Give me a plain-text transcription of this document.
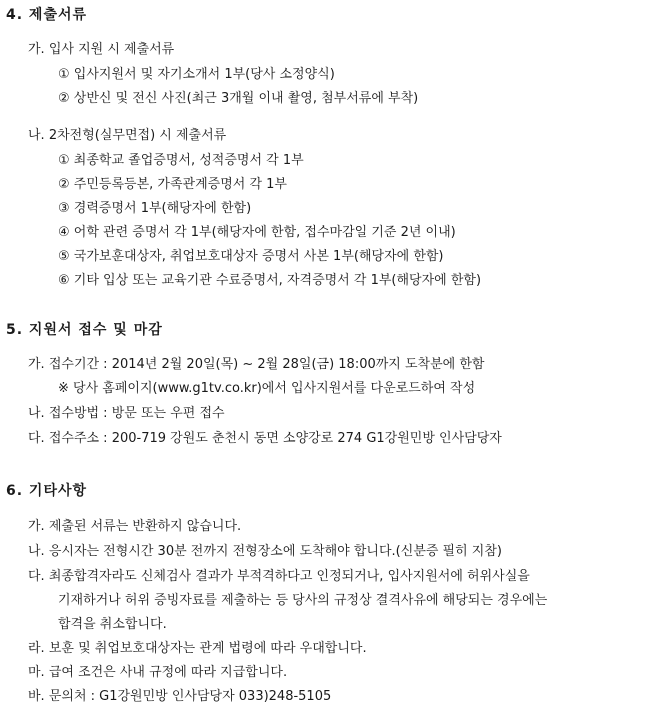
4. 제출서류
가. 입사 지원 시 제출서류
① 입사지원서 및 자기소개서 1부(당사 소정양식)
② 상반신 및 전신 사진(최근 3개월 이내 촬영, 첨부서류에 부착)
나. 2차전형(실무면접) 시 제출서류
① 최종학교 졸업증명서, 성적증명서 각 1부
② 주민등록등본, 가족관계증명서 각 1부
③ 경력증명서 1부(해당자에 한함)
④ 어학 관련 증명서 각 1부(해당자에 한함, 접수마감일 기준 2년 이내)
⑤ 국가보훈대상자, 취업보호대상자 증명서 사본 1부(해당자에 한함)
⑥ 기타 입상 또는 교육기관 수료증명서, 자격증명서 각 1부(해당자에 한함)
5. 지원서 접수 및 마감
가. 접수기간 : 2014년 2월 20일(목) ~ 2월 28일(금) 18:00까지 도착분에 한함
※ 당사 홈페이지(www.g1tv.co.kr)에서 입사지원서를 다운로드하여 작성
나. 접수방법 : 방문 또는 우편 접수
다. 접수주소 : 200-719 강원도 춘천시 동면 소양강로 274 G1강원민방 인사담당자
6. 기타사항
가. 제출된 서류는 반환하지 않습니다.
나. 응시자는 전형시간 30분 전까지 전형장소에 도착해야 합니다.(신분증 필히 지참)
다. 최종합격자라도 신체검사 결과가 부적격하다고 인정되거나, 입사지원서에 허위사실을
기재하거나 허위 증빙자료를 제출하는 등 당사의 규정상 결격사유에 해당되는 경우에는
합격을 취소합니다.
라. 보훈 및 취업보호대상자는 관계 법령에 따라 우대합니다.
마. 급여 조건은 사내 규정에 따라 지급합니다.
바. 문의처 : G1강원민방 인사담당자 033)248-5105
